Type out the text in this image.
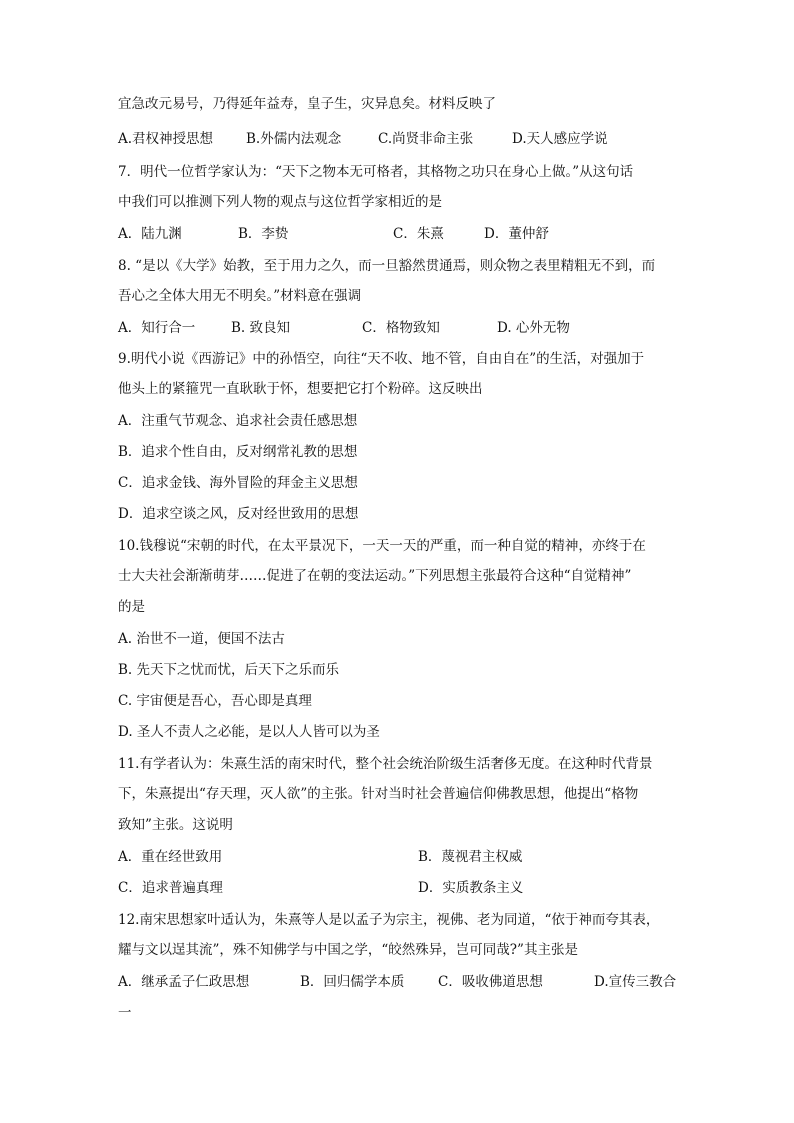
宜急改元易号，乃得延年益寿，皇子生，灾异息矣。材料反映了
A.君权神授思想 B.外儒内法观念	C.尚贤非命主张	D.天人感应学说
7．明代一位哲学家认为：“天下之物本无可格者，其格物之功只在身心上做。”从这句话
中我们可以推测下列人物的观点与这位哲学家相近的是
A．陆九渊	B．李贽	C．朱熹	D．董仲舒
8. “是以《大学》始教，至于用力之久，而一旦豁然贯通焉，则众物之表里精粗无不到，而
吾心之全体大用无不明矣。”材料意在强调
A．知行合一	B. 致良知	C．格物致知	D. 心外无物
9.明代小说《西游记》中的孙悟空，向往“天不收、地不管，自由自在”的生活，对强加于
他头上的紧箍咒一直耿耿于怀，想要把它打个粉碎。这反映出
A．注重气节观念、追求社会责任感思想
B．追求个性自由，反对纲常礼教的思想
C．追求金钱、海外冒险的拜金主义思想
D．追求空谈之风，反对经世致用的思想
10.钱穆说“宋朝的时代，在太平景况下，一天一天的严重，而一种自觉的精神，亦终于在
士大夫社会渐渐萌芽……促进了在朝的变法运动。”下列思想主张最符合这种“自觉精神”
的是
A. 治世不一道，便国不法古
B. 先天下之忧而忧，后天下之乐而乐
C. 宇宙便是吾心，吾心即是真理
D. 圣人不责人之必能，是以人人皆可以为圣
11.有学者认为：朱熹生活的南宋时代，整个社会统治阶级生活奢侈无度。在这种时代背景
下，朱熹提出“存天理，灭人欲”的主张。针对当时社会普遍信仰佛教思想，他提出“格物
致知”主张。这说明
A．重在经世致用	B．蔑视君主权威
C．追求普遍真理	D．实质教条主义
12.南宋思想家叶适认为，朱熹等人是以孟子为宗主，视佛、老为同道，“依于神而夸其表，
耀与文以逞其流”，殊不知佛学与中国之学，“皎然殊异，岂可同哉?”其主张是
A．继承孟子仁政思想	B．回归儒学本质 C．吸收佛道思想	D.宣传三教合
一
